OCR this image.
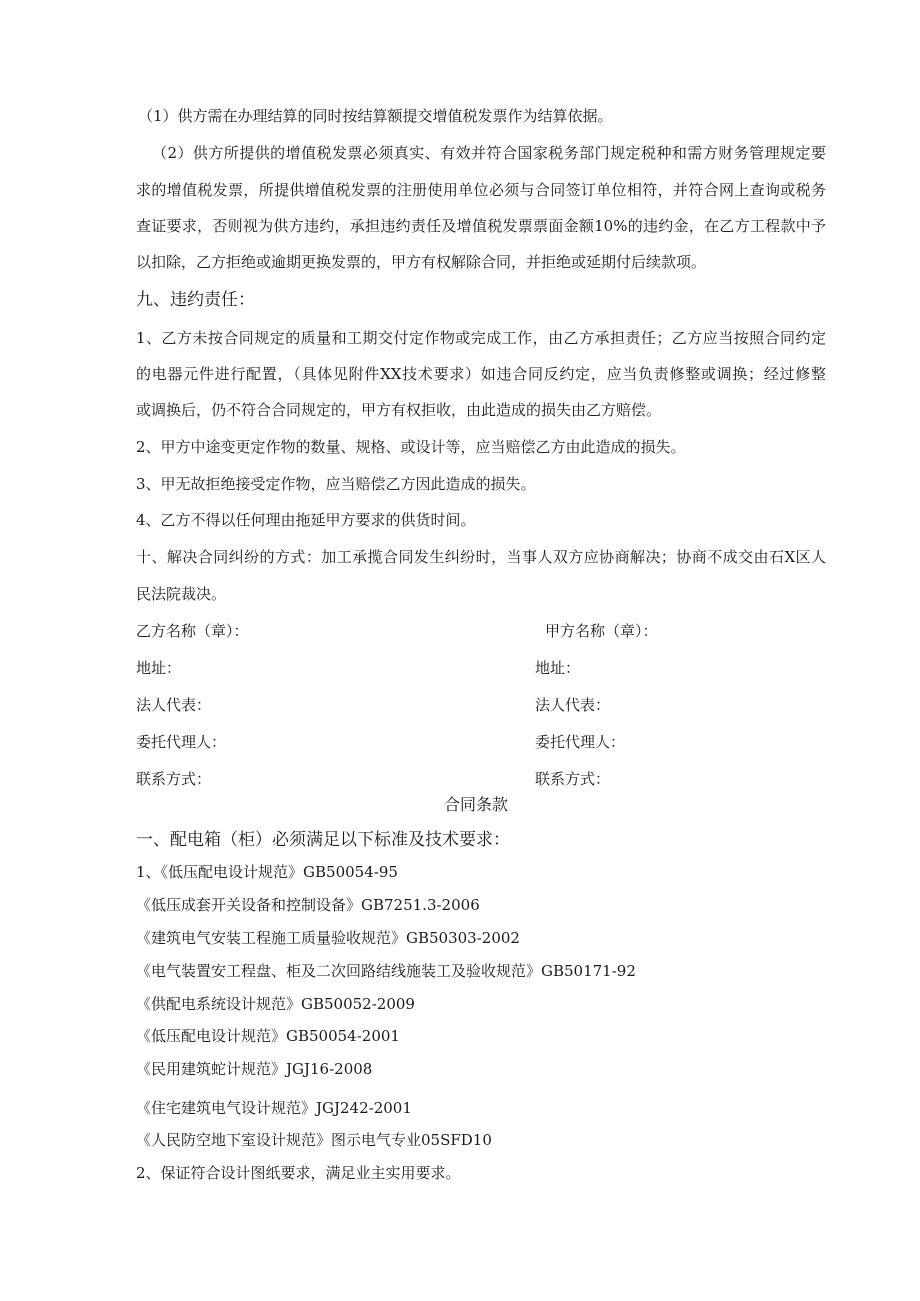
（1）供方需在办理结算的同时按结算额提交增值税发票作为结算依据。
（2）供方所提供的增值税发票必须真实、有效并符合国家税务部门规定税种和需方财务管理规定要
求的增值税发票，所提供增值税发票的注册使用单位必须与合同签订单位相符，并符合网上查询或税务
查证要求，否则视为供方违约，承担违约责任及增值税发票票面金额10%的违约金，在乙方工程款中予
以扣除，乙方拒绝或逾期更换发票的，甲方有权解除合同，并拒绝或延期付后续款项。
九、违约责任：
1、乙方未按合同规定的质量和工期交付定作物或完成工作，由乙方承担责任；乙方应当按照合同约定
的电器元件进行配置，（具体见附件XX技术要求）如违合同反约定，应当负责修整或调换；经过修整
或调换后，仍不符合合同规定的，甲方有权拒收，由此造成的损失由乙方赔偿。
2、甲方中途变更定作物的数量、规格、或设计等，应当赔偿乙方由此造成的损失。
3、甲无故拒绝接受定作物，应当赔偿乙方因此造成的损失。
4、乙方不得以任何理由拖延甲方要求的供货时间。
十、解决合同纠纷的方式：加工承揽合同发生纠纷时，当事人双方应协商解决；协商不成交由石X区人
民法院裁决。
乙方名称（章）：
地址：
法人代表：
委托代理人：
联系方式：
甲方名称（章）：
地址：
法人代表：
委托代理人：
联系方式：
合同条款
一、配电箱（柜）必须满足以下标准及技术要求：
1、《低压配电设计规范》GB50054-95
《低压成套开关设备和控制设备》GB7251.3-2006
《建筑电气安装工程施工质量验收规范》GB50303-2002
《电气装置安工程盘、柜及二次回路结线施装工及验收规范》GB50171-92
《供配电系统设计规范》GB50052-2009
《低压配电设计规范》GB50054-2001
《民用建筑蛇计规范》JGJ16-2008
《住宅建筑电气设计规范》JGJ242-2001
《人民防空地下室设计规范》图示电气专业05SFD10
2、保证符合设计图纸要求，满足业主实用要求。
